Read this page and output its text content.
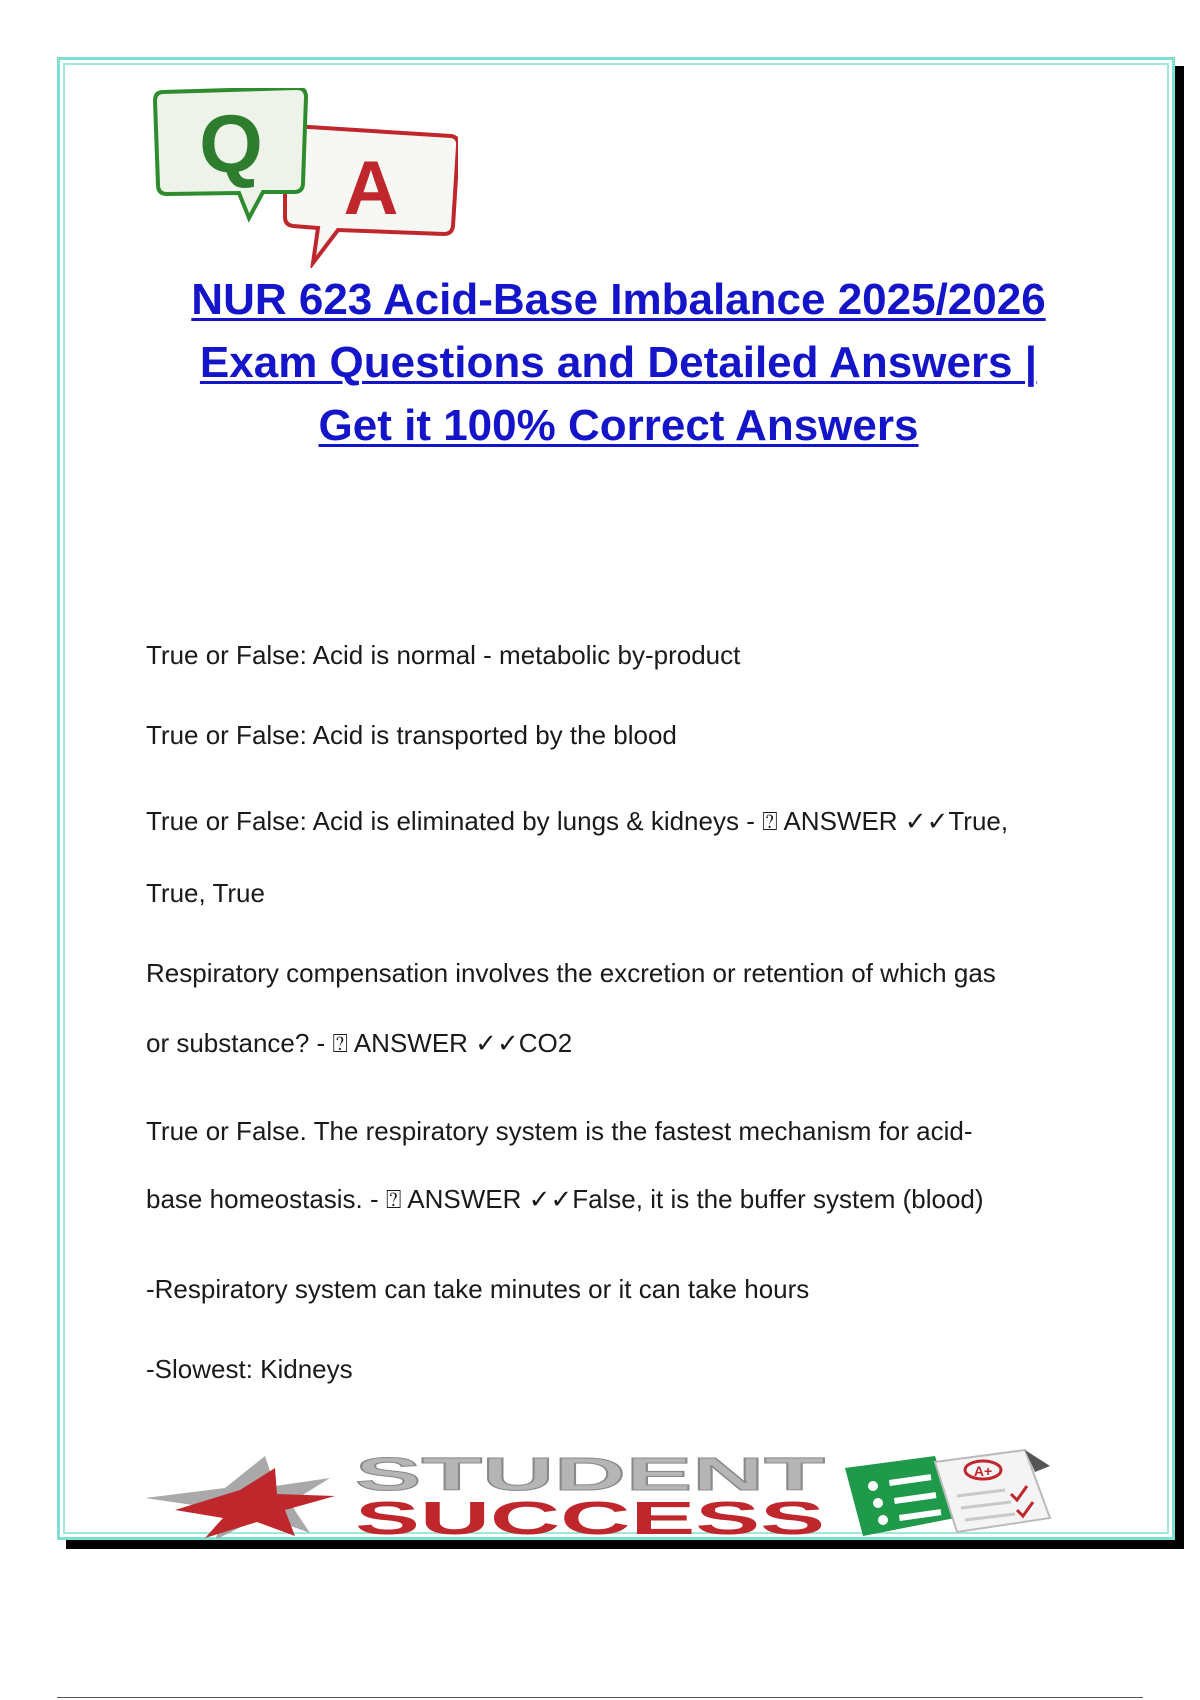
A
Q
NUR 623 Acid-Base Imbalance 2025/2026
Exam Questions and Detailed Answers |
Get it 100% Correct Answers
True or False: Acid is normal - metabolic by-product
True or False: Acid is transported by the blood
True or False: Acid is eliminated by lungs & kidneys - ⍰ ANSWER ✓✓True,
True, True
Respiratory compensation involves the excretion or retention of which gas
or substance? - ⍰ ANSWER ✓✓CO2
True or False. The respiratory system is the fastest mechanism for acid-
base homeostasis. - ⍰ ANSWER ✓✓False, it is the buffer system (blood)
-Respiratory system can take minutes or it can take hours
-Slowest: Kidneys
STUDENT
SUCCESS
A+
